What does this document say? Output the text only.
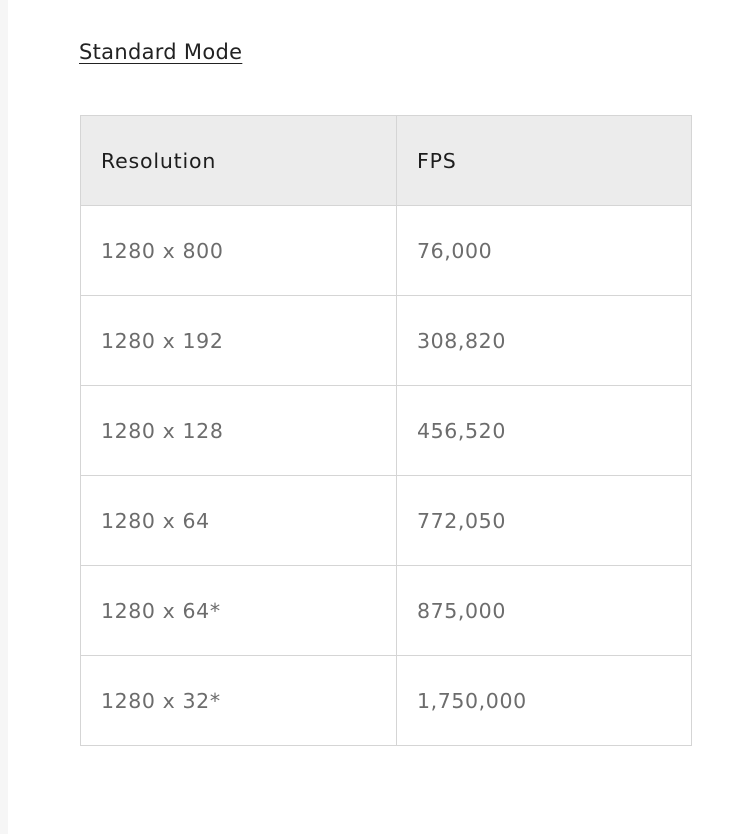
Standard Mode
Resolution	FPS
1280 x 800	76,000
1280 x 192	308,820
1280 x 128	456,520
1280 x 64	772,050
1280 x 64*	875,000
1280 x 32*	1,750,000
